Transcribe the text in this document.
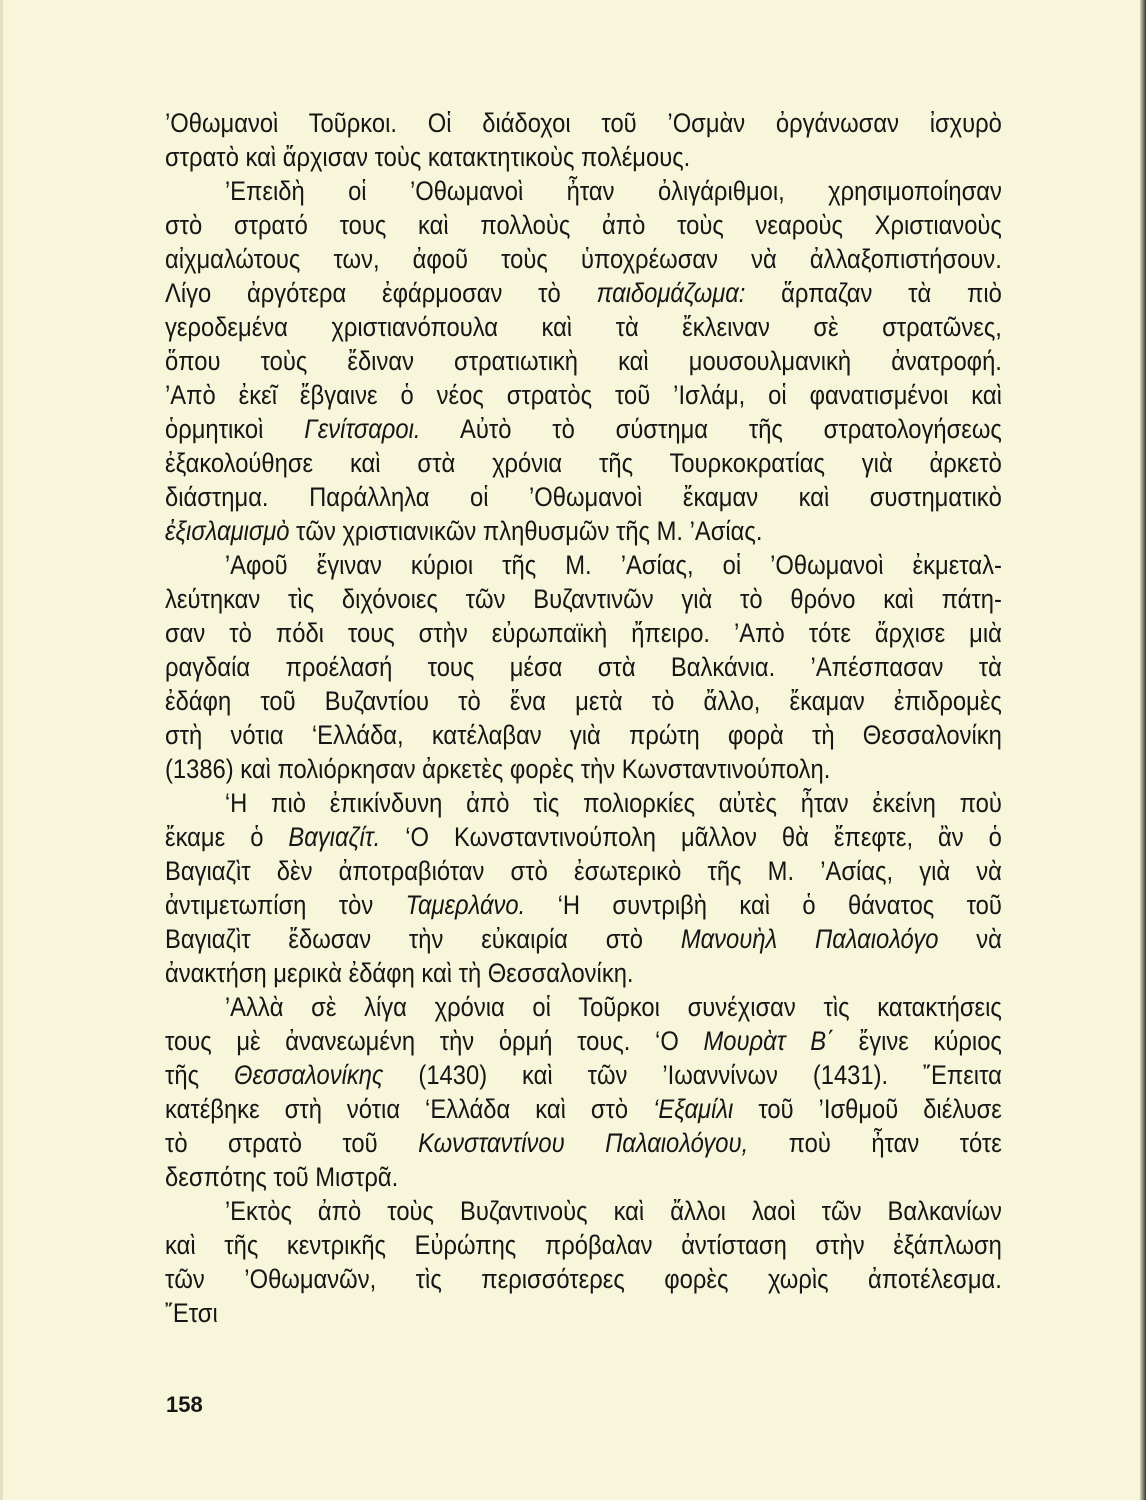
’Οθωμανοὶ Τοῦρκοι. Οἱ διάδοχοι τοῦ ’Οσμὰν ὀργάνωσαν ἰσχυρὸ
στρατὸ καὶ ἄρχισαν τοὺς κατακτητικοὺς πολέμους.
’Επειδὴ οἱ ’Οθωμανοὶ ἦταν ὀλιγάριθμοι, χρησιμοποίησαν
στὸ στρατό τους καὶ πολλοὺς ἀπὸ τοὺς νεαροὺς Χριστιανοὺς
αἰχμαλώτους των, ἀφοῦ τοὺς ὑποχρέωσαν νὰ ἀλλαξοπιστήσουν.
Λίγο ἀργότερα ἐφάρμοσαν τὸ παιδομάζωμα: ἅρπαζαν τὰ πιὸ
γεροδεμένα χριστιανόπουλα καὶ τὰ ἔκλειναν σὲ στρατῶνες,
ὅπου τοὺς ἔδιναν στρατιωτικὴ καὶ μουσουλμανικὴ ἀνατροφή.
’Απὸ ἐκεῖ ἔβγαινε ὁ νέος στρατὸς τοῦ ’Ισλάμ, οἱ φανατισμένοι καὶ
ὁρμητικοὶ Γενίτσαροι. Αὐτὸ τὸ σύστημα τῆς στρατολογήσεως
ἐξακολούθησε καὶ στὰ χρόνια τῆς Τουρκοκρατίας γιὰ ἀρκετὸ
διάστημα. Παράλληλα οἱ ’Οθωμανοὶ ἔκαμαν καὶ συστηματικὸ
ἐξισλαμισμὸ τῶν χριστιανικῶν πληθυσμῶν τῆς Μ. ’Ασίας.
’Αφοῦ ἔγιναν κύριοι τῆς Μ. ’Ασίας, οἱ ’Οθωμανοὶ ἐκμεταλ-
λεύτηκαν τὶς διχόνοιες τῶν Βυζαντινῶν γιὰ τὸ θρόνο καὶ πάτη-
σαν τὸ πόδι τους στὴν εὐρωπαϊκὴ ἤπειρο. ’Απὸ τότε ἄρχισε μιὰ
ραγδαία προέλασή τους μέσα στὰ Βαλκάνια. ’Απέσπασαν τὰ
ἐδάφη τοῦ Βυζαντίου τὸ ἕνα μετὰ τὸ ἄλλο, ἔκαμαν ἐπιδρομὲς
στὴ νότια ‘Ελλάδα, κατέλαβαν γιὰ πρώτη φορὰ τὴ Θεσσαλονίκη
(1386) καὶ πολιόρκησαν ἀρκετὲς φορὲς τὴν Κωνσταντινούπολη.
‘Η πιὸ ἐπικίνδυνη ἀπὸ τὶς πολιορκίες αὐτὲς ἦταν ἐκείνη ποὺ
ἔκαμε ὁ Βαγιαζίτ. ‘Ο Κωνσταντινούπολη μᾶλλον θὰ ἔπεφτε, ἂν ὁ
Βαγιαζὶτ δὲν ἀποτραβιόταν στὸ ἐσωτερικὸ τῆς Μ. ’Ασίας, γιὰ νὰ
ἀντιμετωπίση τὸν Ταμερλάνο. ‘Η συντριβὴ καὶ ὁ θάνατος τοῦ
Βαγιαζὶτ ἔδωσαν τὴν εὐκαιρία στὸ Μανουὴλ Παλαιολόγο νὰ
ἀνακτήση μερικὰ ἐδάφη καὶ τὴ Θεσσαλονίκη.
’Αλλὰ σὲ λίγα χρόνια οἱ Τοῦρκοι συνέχισαν τὶς κατακτήσεις
τους μὲ ἀνανεωμένη τὴν ὁρμή τους. ‘Ο Μουρὰτ Β΄ ἔγινε κύριος
τῆς Θεσσαλονίκης (1430) καὶ τῶν ’Ιωαννίνων (1431). ῎Επειτα
κατέβηκε στὴ νότια ‘Ελλάδα καὶ στὸ ‘Εξαμίλι τοῦ ’Ισθμοῦ διέλυσε
τὸ στρατὸ τοῦ Κωνσταντίνου Παλαιολόγου, ποὺ ἦταν τότε
δεσπότης τοῦ Μιστρᾶ.
’Εκτὸς ἀπὸ τοὺς Βυζαντινοὺς καὶ ἄλλοι λαοὶ τῶν Βαλκανίων
καὶ τῆς κεντρικῆς Εὐρώπης πρόβαλαν ἀντίσταση στὴν ἐξάπλωση
τῶν ’Οθωμανῶν, τὶς περισσότερες φορὲς χωρὶς ἀποτέλεσμα.
῎Ετσι
158
